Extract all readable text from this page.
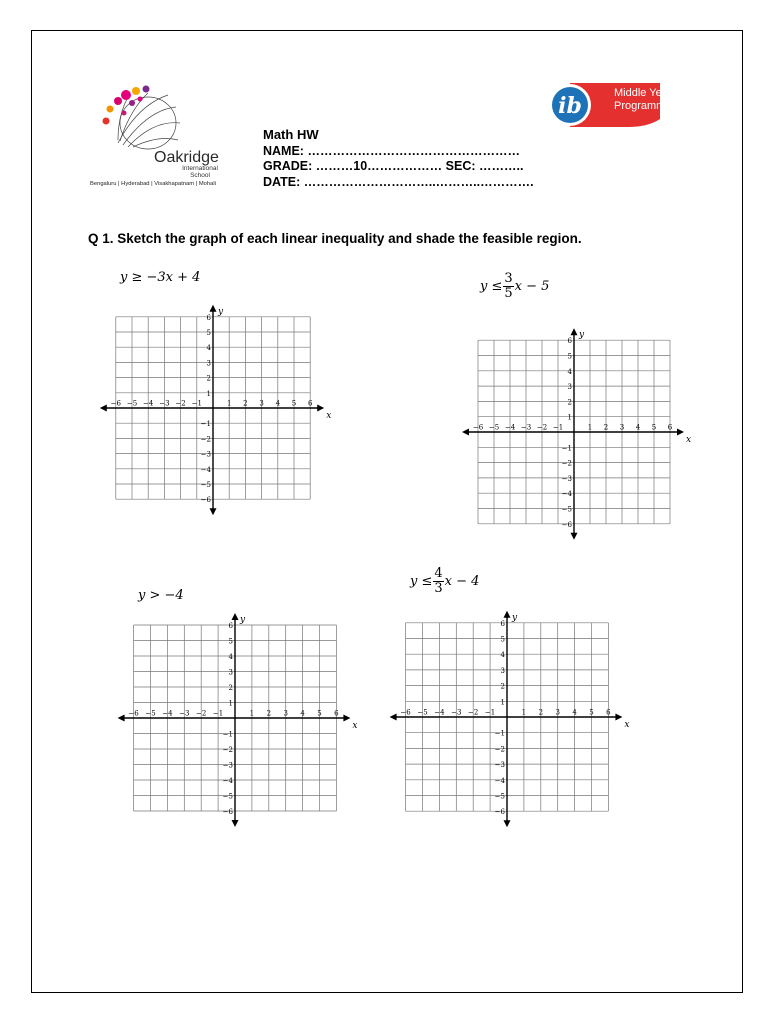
Oakridge
International
School
Bengaluru | Hyderabad | Visakhapatnam | Mohali
ib	Middle Years
Programme
Math HW
NAME: ……………………………………………
GRADE: ………10……………… SEC: ………..
DATE: …………………………..………..………….
Q 1. Sketch the graph of each linear inequality and shade the feasible region.
y ≥ −3x + 4
$y \le \frac{3}{5}$ x − 5
y > −4
$y \le \frac{4}{3}$ x − 4
x
y
−6 −5 −4 −3 −2 −1	1 2 3 4 5 6
6
5
4
3
2
1
−1
−2
−3
−4
−5
−6
x
y
−6 −5 −4 −3 −2 −1	1 2 3 4 5 6
6
5
4
3
2
1
−1
−2
−3
−4
−5
−6
x
y
−6 −5 −4 −3 −2 −1	1 2 3 4 5 6
6
5
4
3
2
1
−1
−2
−3
−4
−5
−6
x
y
−6 −5 −4 −3 −2 −1	1 2 3 4 5 6
6
5
4
3
2
1
−1
−2
−3
−4
−5
−6
